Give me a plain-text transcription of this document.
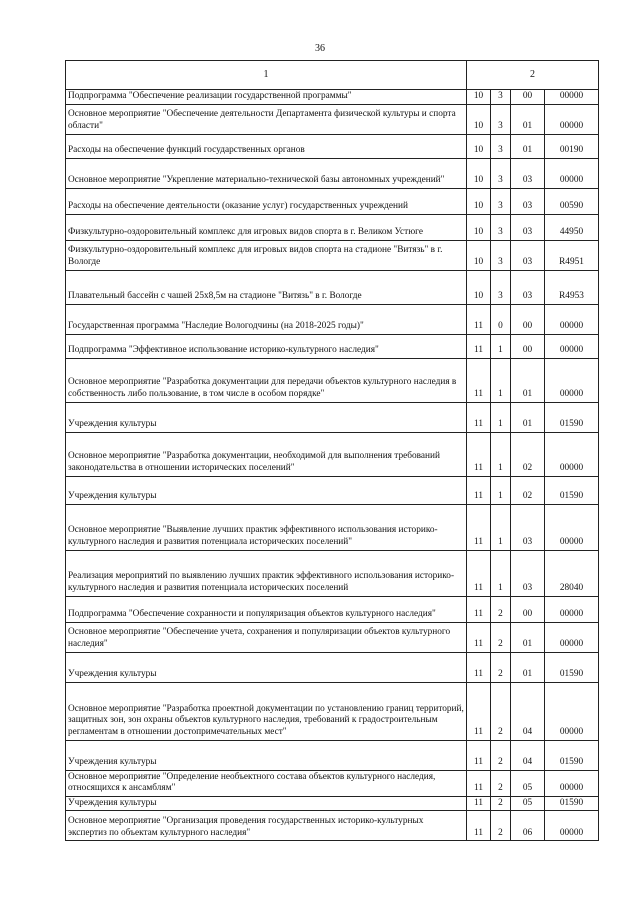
36
1	2			
Подпрограмма "Обеспечение реализации государственной программы"	10	3	00	00000
Основное мероприятие "Обеспечение деятельности Департамента физической культуры и спорта области"	10	3	01	00000
Расходы на обеспечение функций государственных органов	10	3	01	00190
Основное мероприятие "Укрепление материально-технической базы автономных учреждений"	10	3	03	00000
Расходы на обеспечение деятельности (оказание услуг) государственных учреждений	10	3	03	00590
Физкультурно-оздоровительный комплекс для игровых видов спорта в г. Великом Устюге	10	3	03	44950
Физкультурно-оздоровительный комплекс для игровых видов спорта на стадионе "Витязь" в г. Вологде	10	3	03	R4951
Плавательный бассейн с чашей 25х8,5м на стадионе "Витязь" в г. Вологде	10	3	03	R4953
Государственная программа "Наследие Вологодчины (на 2018-2025 годы)"	11	0	00	00000
Подпрограмма "Эффективное использование историко-культурного наследия"	11	1	00	00000
Основное мероприятие "Разработка документации для передачи объектов культурного наследия в собственность либо пользование, в том числе в особом порядке"	11	1	01	00000
Учреждения культуры	11	1	01	01590
Основное мероприятие "Разработка документации, необходимой для выполнения требований законодательства в отношении исторических поселений"	11	1	02	00000
Учреждения культуры	11	1	02	01590
Основное мероприятие "Выявление лучших практик эффективного использования историко-культурного наследия и развития потенциала исторических поселений"	11	1	03	00000
Реализация мероприятий по выявлению лучших практик эффективного использования историко-культурного наследия и развития потенциала исторических поселений	11	1	03	28040
Подпрограмма "Обеспечение сохранности и популяризация объектов культурного наследия"	11	2	00	00000
Основное мероприятие "Обеспечение учета, сохранения и популяризации объектов культурного наследия"	11	2	01	00000
Учреждения культуры	11	2	01	01590
Основное мероприятие "Разработка проектной документации по установлению границ территорий, защитных зон, зон охраны объектов культурного наследия, требований к градостроительным регламентам в отношении достопримечательных мест"	11	2	04	00000
Учреждения культуры	11	2	04	01590
Основное мероприятие "Определение необъектного состава объектов культурного наследия, относящихся к ансамблям"	11	2	05	00000
Учреждения культуры	11	2	05	01590
Основное мероприятие "Организация проведения государственных историко-культурных экспертиз по объектам культурного наследия"	11	2	06	00000
